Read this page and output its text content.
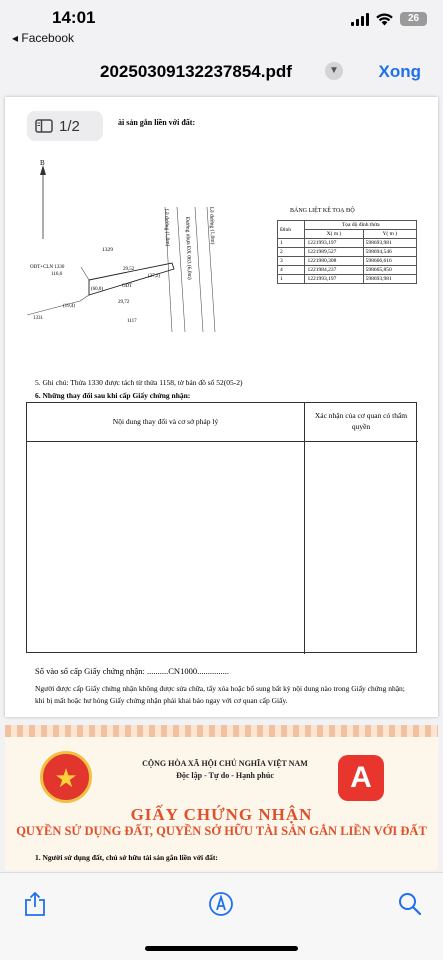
14:01
◂ Facebook
26
20250309132237854.pdf	▼ Xong
1/2	ài sản gắn liền với đất:
B
Lề đường (1,0m) Đường nhựa ĐX 063 (6,0m)	Lề đường (1,0m)
1329
ODT+CLN 1330
116,6
29,52
(37,2)
(60,0)
ODT
29,72
(19,4)
1331
1117
BẢNG LIỆT KÊ TOẠ ĐỘ
Đỉnh	Tọa độ đỉnh thửa	
	X( m )	Y( m )
1	1221993,197	598693,981
2	1221989,527	598694,546
3	1221980,308	598666,616
4	1221984,237	598665,850
1	1221993,197	598693,981
5. Ghi chú: Thửa 1330 được tách từ thửa 1158, tờ bản đồ số 52(05-2)
6. Những thay đổi sau khi cấp Giấy chứng nhận:
Nội dung thay đổi và cơ sở pháp lý
Xác nhận của cơ quan có thẩm quyền
Số vào sổ cấp Giấy chứng nhận: ..........CN1000...............
Người được cấp Giấy chứng nhận không được sửa chữa, tẩy xóa hoặc bổ sung bất kỳ nội dung nào trong Giấy chứng nhận; khi bị mất hoặc hư hỏng Giấy chứng nhận phải khai báo ngay với cơ quan cấp Giấy.
★	CỘNG HÒA XÃ HỘI CHỦ NGHĨA VIỆT NAM
Độc lập - Tự do - Hạnh phúc	A
GIẤY CHỨNG NHẬN
QUYỀN SỬ DỤNG ĐẤT, QUYỀN SỞ HỮU TÀI SẢN GẮN LIỀN VỚI ĐẤT
1. Người sử dụng đất, chủ sở hữu tài sản gắn liền với đất:
